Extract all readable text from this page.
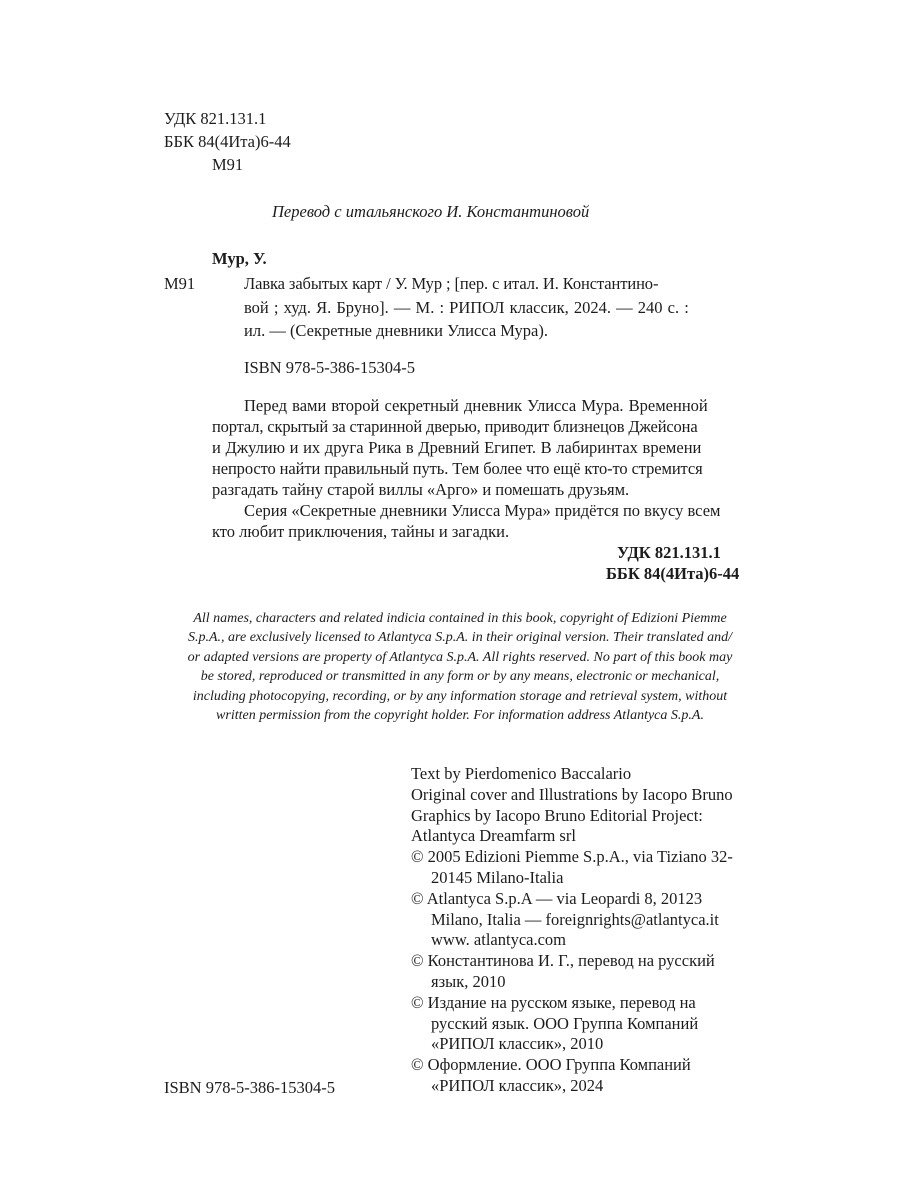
УДК 821.131.1
ББК 84(4Ита)6-44
М91
Перевод с итальянского И. Константиновой
Мур, У.
М91	Лавка забытых карт / У. Мур ; [пер. с итал. И. Константино-
вой ; худ. Я. Бруно]. — М. : РИПОЛ классик, 2024. — 240 с. :
ил. — (Секретные дневники Улисса Мура).
ISBN 978-5-386-15304-5
Перед вами второй секретный дневник Улисса Мура. Временной
портал, скрытый за старинной дверью, приводит близнецов Джейсона
и Джулию и их друга Рика в Древний Египет. В лабиринтах времени
непросто найти правильный путь. Тем более что ещё кто-то стремится
разгадать тайну старой виллы «Арго» и помешать друзьям.
Серия «Секретные дневники Улисса Мура» придётся по вкусу всем
кто любит приключения, тайны и загадки.
УДК 821.131.1
ББК 84(4Ита)6-44
All names, characters and related indicia contained in this book, copyright of Edizioni Piemme
S.p.A., are exclusively licensed to Atlantyca S.p.A. in their original version. Their translated and/
or adapted versions are property of Atlantyca S.p.A. All rights reserved. No part of this book may
be stored, reproduced or transmitted in any form or by any means, electronic or mechanical,
including photocopying, recording, or by any information storage and retrieval system, without
written permission from the copyright holder. For information address Atlantyca S.p.A.
Text by Pierdomenico Baccalario
Original cover and Illustrations by Iacopo Bruno
Graphics by Iacopo Bruno Editorial Project:
Atlantyca Dreamfarm srl
© 2005 Edizioni Piemme S.p.A., via Tiziano 32-
20145 Milano-Italia
© Atlantyca S.p.A — via Leopardi 8, 20123
Milano, Italia — foreignrights@atlantyca.it
www. atlantyca.com
© Константинова И. Г., перевод на русский
язык, 2010
© Издание на русском языке, перевод на
русский язык. ООО Группа Компаний
«РИПОЛ классик», 2010
© Оформление. ООО Группа Компаний
«РИПОЛ классик», 2024
ISBN 978-5-386-15304-5
